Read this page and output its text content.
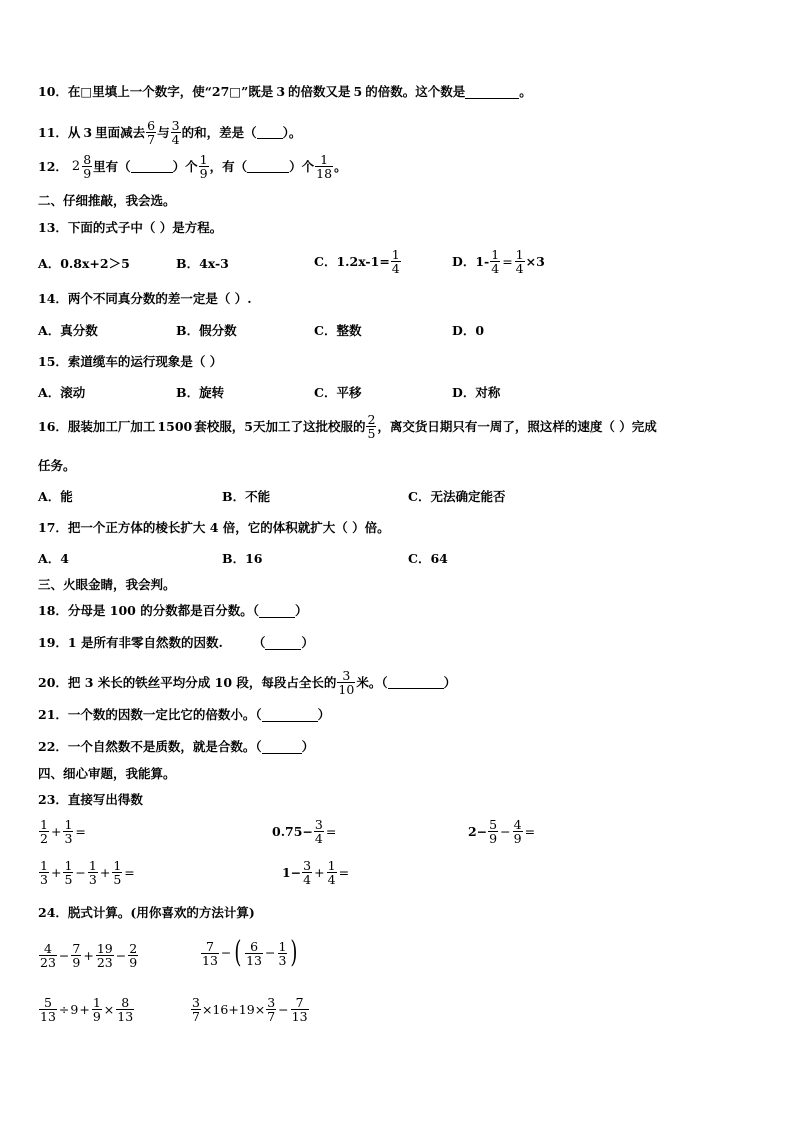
10． 在□里填上一个数字，使“27□”既是 3 的倍数又是 5 的倍数。这个数是	。
11． 从 3 里面减去 $\frac{6}{7}$ 与 $\frac{3}{4}$ 的和，差是（ ）。
12． $2 \frac{8}{9}$ 里有（	）个 $\frac{1}{9}$ ，有（	）个 $\frac{1}{18}$ 。
二、仔细推敲，我会选。
13． 下面的式子中（ ）是方程。
A．0.8x+2＞5	B．4x-3	C．$1.2x-1= \frac{1}{4}$	D．$1- \frac{1}{4} = \frac{1}{4} \times 3$
14． 两个不同真分数的差一定是（ ）.
A．真分数	B．假分数	C．整数	D．0
15． 索道缆车的运行现象是（ ）
A．滚动	B．旋转	C．平移	D．对称
16． 服装加工厂加工 1500 套校服， 5 天加工了这批校服的 $\frac{2}{5}$ ，离交货日期只有一周了，照这样的速度（ ）完成
任务。
A．能	B．不能	C．无法确定能否
17． 把一个正方体的棱长扩大 4 倍，它的体积就扩大（ ）倍。
A．4	B．16	C．64
三、火眼金睛，我会判。
18． 分母是 100 的分数都是百分数。（	）
19． 1 是所有非零自然数的因数. （	）
20． 把 3 米长的铁丝平均分成 10 段，每段占全长的 $\frac{3}{10}$ 米。（	）
21． 一个数的因数一定比它的倍数小。（	）
22． 一个自然数不是质数，就是合数。（	）
四、细心审题，我能算。
23． 直接写出得数
$\frac{1}{2} + \frac{1}{3}$ =	$0.75- \frac{3}{4}$ =	$2- \frac{5}{9} - \frac{4}{9}$ =
$\frac{1}{3} + \frac{1}{5} - \frac{1}{3} + \frac{1}{5}$ =	$1- \frac{3}{4} + \frac{1}{4}$ =
24． 脱式计算。(用你喜欢的方法计算)
$\frac{4}{23} - \frac{7}{9} + \frac{19}{23} - \frac{2}{9}$	$\frac{7}{13}$ − ( $\frac{6}{13} - \frac{1}{3}$ )
$\frac{5}{13} \div 9 + \frac{1}{9} \times \frac{8}{13}$	$\frac{3}{7} \times 16+19\times \frac{3}{7} - \frac{7}{13}$
